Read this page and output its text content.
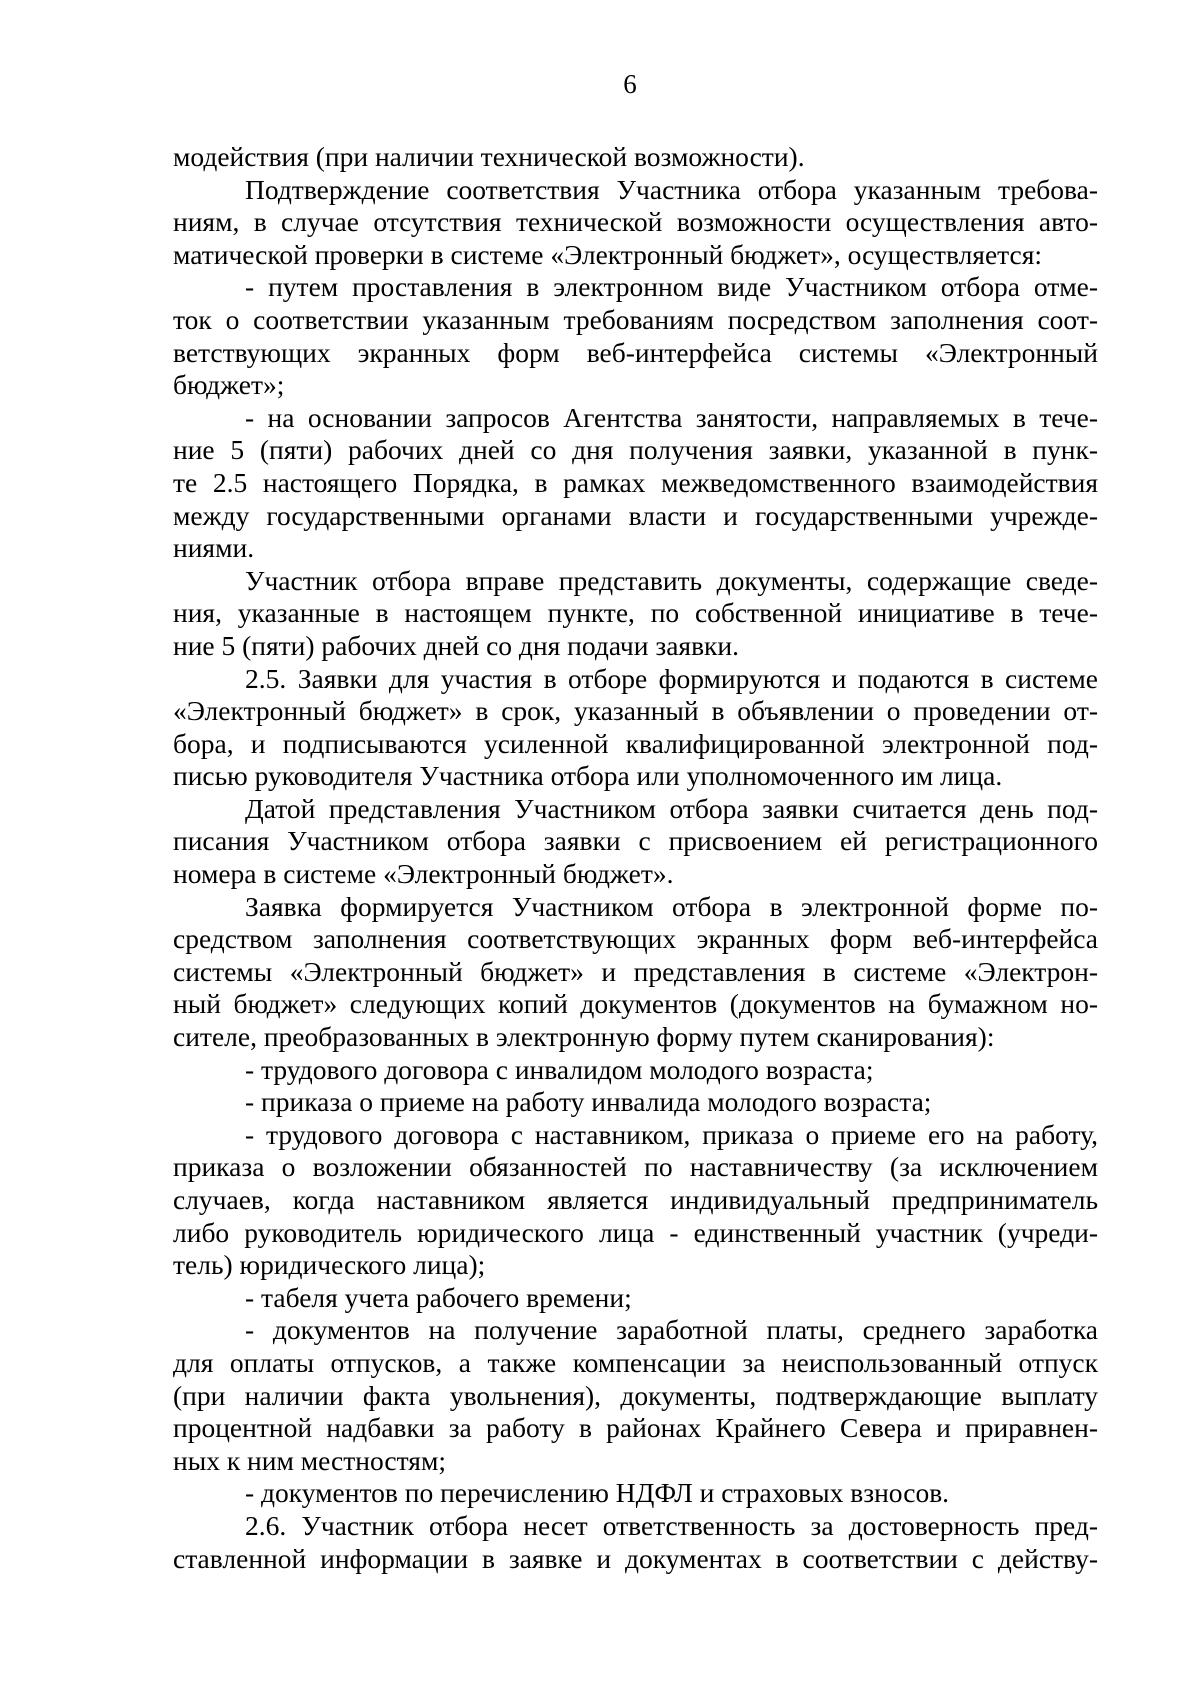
6
модействия (при наличии технической возможности).
Подтверждение соответствия Участника отбора указанным требова-
ниям, в случае отсутствия технической возможности осуществления авто-
матической проверки в системе «Электронный бюджет», осуществляется:
- путем проставления в электронном виде Участником отбора отме-
ток о соответствии указанным требованиям посредством заполнения соот-
ветствующих экранных форм веб-интерфейса системы «Электронный
бюджет»;
- на основании запросов Агентства занятости, направляемых в тече-
ние 5 (пяти) рабочих дней со дня получения заявки, указанной в пунк-
те 2.5 настоящего Порядка, в рамках межведомственного взаимодействия
между государственными органами власти и государственными учрежде-
ниями.
Участник отбора вправе представить документы, содержащие сведе-
ния, указанные в настоящем пункте, по собственной инициативе в тече-
ние 5 (пяти) рабочих дней со дня подачи заявки.
2.5. Заявки для участия в отборе формируются и подаются в системе
«Электронный бюджет» в срок, указанный в объявлении о проведении от-
бора, и подписываются усиленной квалифицированной электронной под-
писью руководителя Участника отбора или уполномоченного им лица.
Датой представления Участником отбора заявки считается день под-
писания Участником отбора заявки с присвоением ей регистрационного
номера в системе «Электронный бюджет».
Заявка формируется Участником отбора в электронной форме по-
средством заполнения соответствующих экранных форм веб-интерфейса
системы «Электронный бюджет» и представления в системе «Электрон-
ный бюджет» следующих копий документов (документов на бумажном но-
сителе, преобразованных в электронную форму путем сканирования):
- трудового договора с инвалидом молодого возраста;
- приказа о приеме на работу инвалида молодого возраста;
- трудового договора с наставником, приказа о приеме его на работу,
приказа о возложении обязанностей по наставничеству (за исключением
случаев, когда наставником является индивидуальный предприниматель
либо руководитель юридического лица - единственный участник (учреди-
тель) юридического лица);
- табеля учета рабочего времени;
- документов на получение заработной платы, среднего заработка
для оплаты отпусков, а также компенсации за неиспользованный отпуск
(при наличии факта увольнения), документы, подтверждающие выплату
процентной надбавки за работу в районах Крайнего Севера и приравнен-
ных к ним местностям;
- документов по перечислению НДФЛ и страховых взносов.
2.6. Участник отбора несет ответственность за достоверность пред-
ставленной информации в заявке и документах в соответствии с действу-
